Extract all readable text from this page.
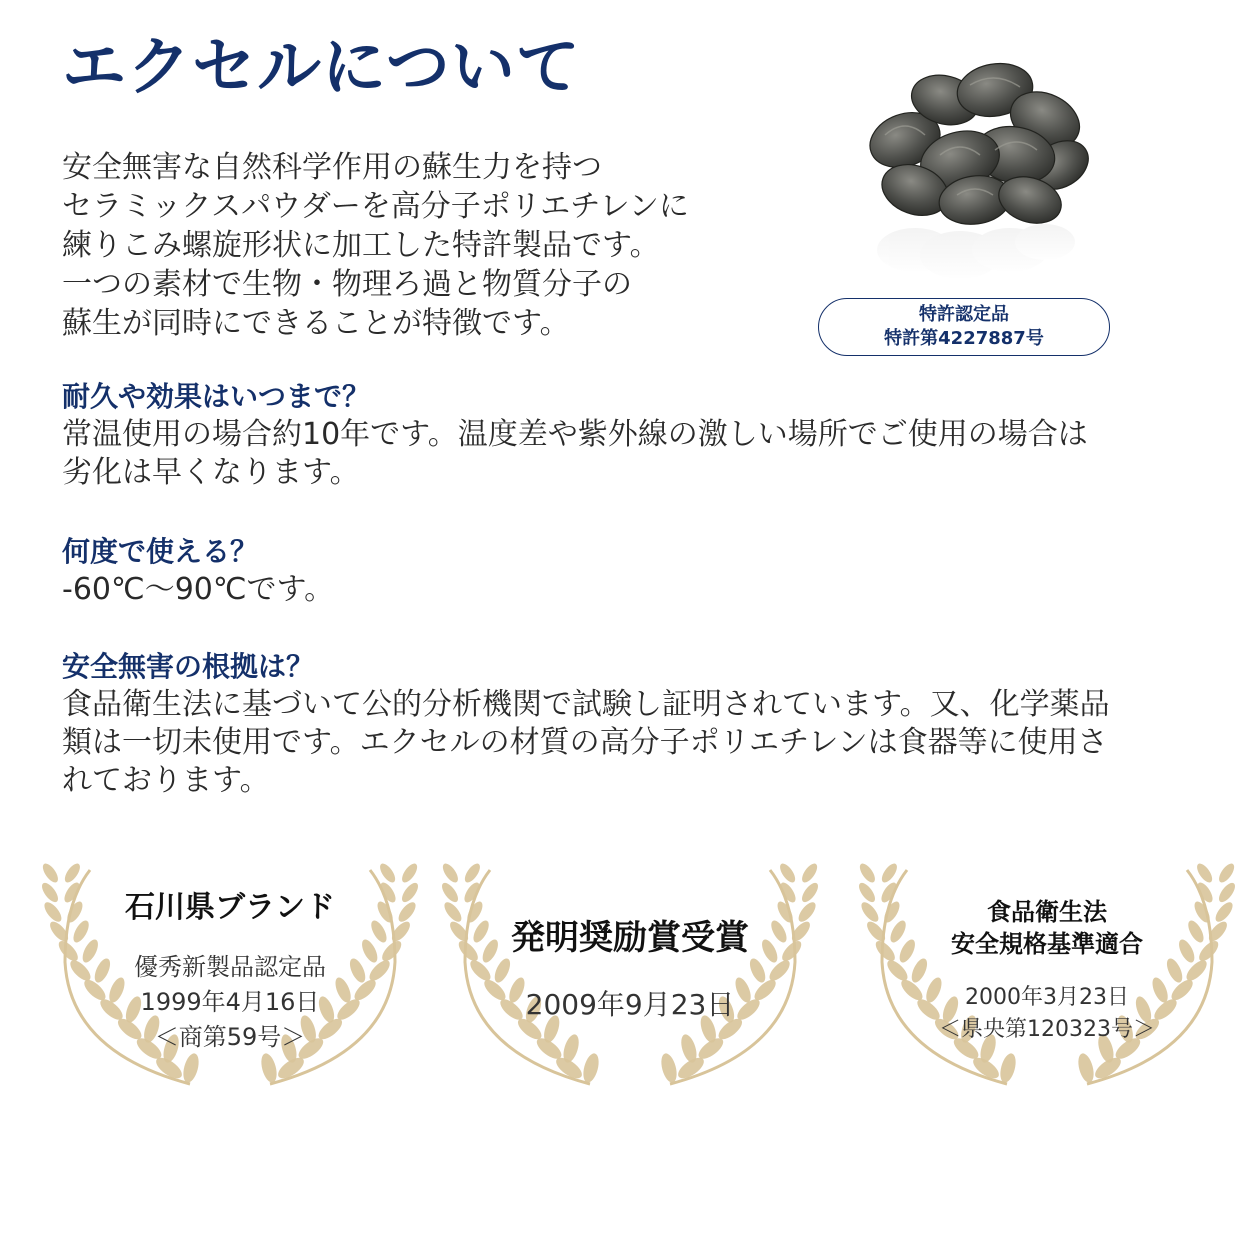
エクセルについて
安全無害な自然科学作用の蘇生力を持つ
セラミックスパウダーを高分子ポリエチレンに
練りこみ螺旋形状に加工した特許製品です。
一つの素材で生物・物理ろ過と物質分子の
蘇生が同時にできることが特徴です。	特許認定品
特許第4227887号
耐久や効果はいつまで？
常温使用の場合約10年です。温度差や紫外線の激しい場所でご使用の場合は
劣化は早くなります。
何度で使える？
-60℃～90℃です。
安全無害の根拠は？
食品衛生法に基づいて公的分析機関で試験し証明されています。又、化学薬品
類は一切未使用です。エクセルの材質の高分子ポリエチレンは食器等に使用さ
れております。
石川県ブランド
優秀新製品認定品
1999年4月16日
＜商第59号＞
発明奨励賞受賞
2009年9月23日
食品衛生法
安全規格基準適合
2000年3月23日
＜県央第120323号＞
